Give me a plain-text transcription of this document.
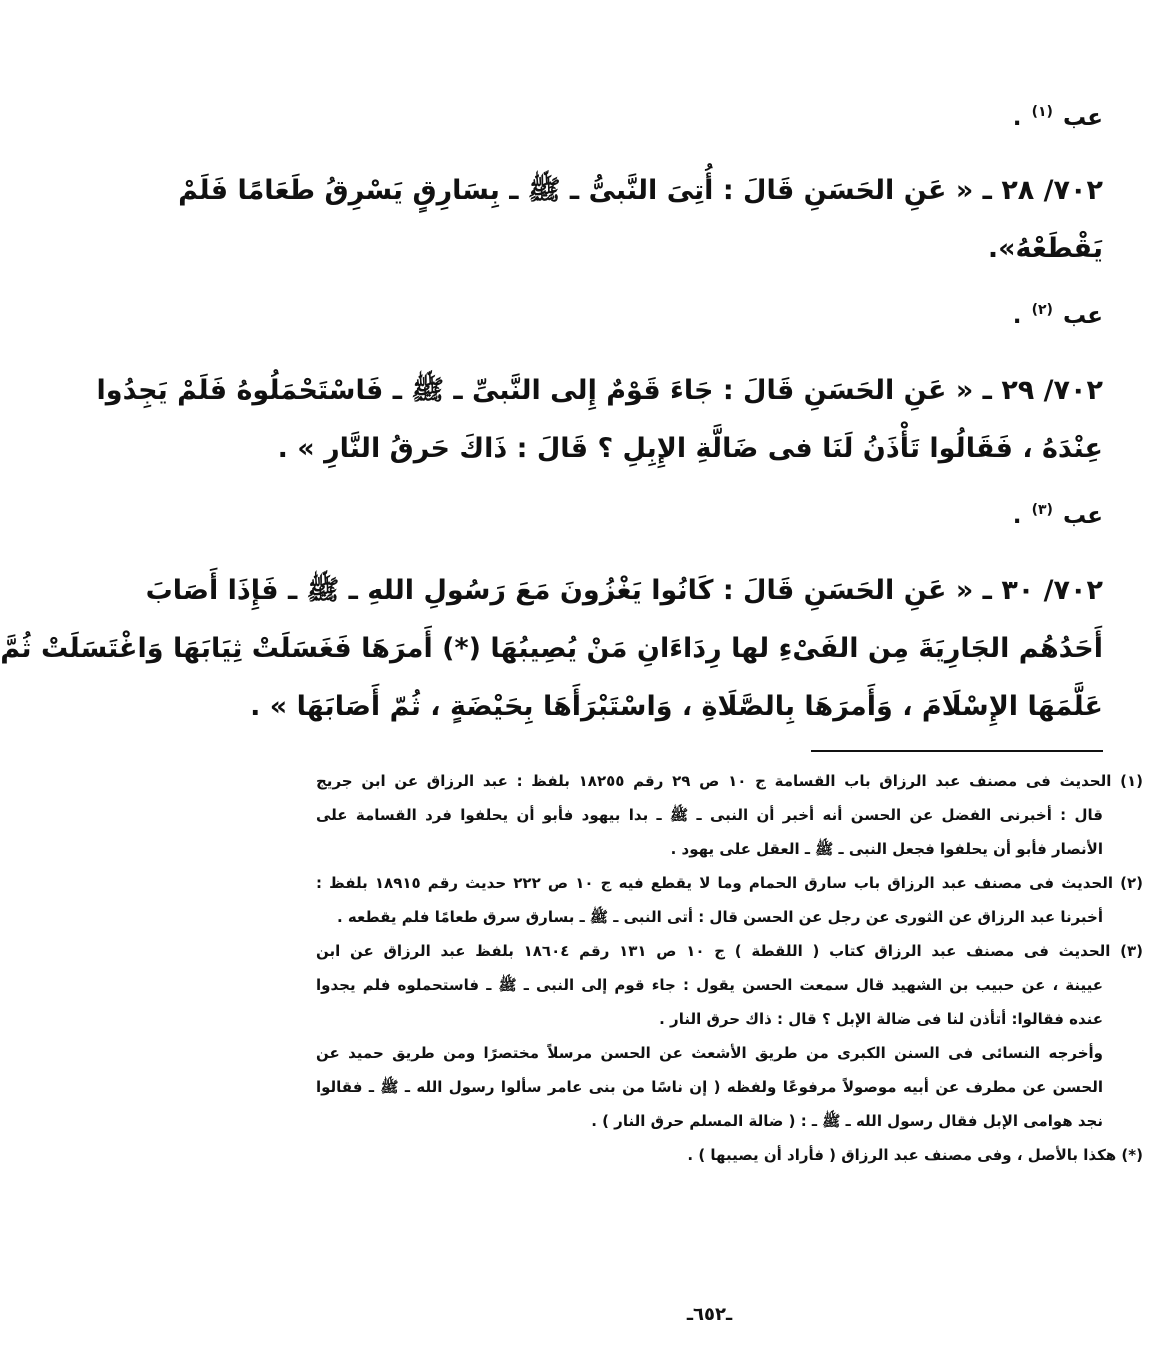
عب $^{(١)}$ .
٧٠٢/ ٢٨ ـ « عَنِ الحَسَنِ قَالَ : أُتِىَ النَّبىُّ ـ ﷺ ـ بِسَارِقٍ يَسْرِقُ طَعَامًا فَلَمْ
يَقْطَعْهُ».
عب $^{(٢)}$ .
٧٠٢/ ٢٩ ـ « عَنِ الحَسَنِ قَالَ : جَاءَ قَوْمٌ إِلى النَّبىِّ ـ ﷺ ـ فَاسْتَحْمَلُوهُ فَلَمْ يَجِدُوا
عِنْدَهُ ، فَقَالُوا تَأْذَنُ لَنَا فى ضَالَّةِ الإِبِلِ ؟ قَالَ : ذَاكَ حَرقُ النَّارِ » .
عب $^{(٣)}$ .
٧٠٢/ ٣٠ ـ « عَنِ الحَسَنِ قَالَ : كَانُوا يَغْزُونَ مَعَ رَسُولِ اللهِ ـ ﷺ ـ فَإِذَا أَصَابَ
أَحَدُهُم الجَارِيَةَ مِن الفَىْءِ لها رِدَاءَانِ مَنْ يُصِيبُهَا (*) أَمرَهَا فَغَسَلَتْ ثِيَابَهَا وَاغْتَسَلَتْ ثُمَّ
عَلَّمَهَا الإِسْلَامَ ، وَأَمرَهَا بِالصَّلَاةِ ، وَاسْتَبْرَأَهَا بِحَيْضَةٍ ، ثُمّ أَصَابَهَا » .
(١) الحديث فى مصنف عبد الرزاق باب القسامة ج ١٠ ص ٢٩ رقم ١٨٢٥٥ بلفظ : عبد الرزاق عن ابن جريج
قال : أخبرنى الفضل عن الحسن أنه أخبر أن النبى ـ ﷺ ـ بدا بيهود فأبو أن يحلفوا فرد القسامة على
الأنصار فأبو أن يحلفوا فجعل النبى ـ ﷺ ـ العقل على يهود .
(٢) الحديث فى مصنف عبد الرزاق باب سارق الحمام وما لا يقطع فيه ج ١٠ ص ٢٢٢ حديث رقم ١٨٩١٥ بلفظ :
أخبرنا عبد الرزاق عن الثورى عن رجل عن الحسن قال : أتى النبى ـ ﷺ ـ بسارق سرق طعامًا فلم يقطعه .
(٣) الحديث فى مصنف عبد الرزاق كتاب ( اللقطة ) ج ١٠ ص ١٣١ رقم ١٨٦٠٤ بلفظ عبد الرزاق عن ابن
عيينة ، عن حبيب بن الشهيد قال سمعت الحسن يقول : جاء قوم إلى النبى ـ ﷺ ـ فاستحملوه فلم يجدوا
عنده فقالوا: أتأذن لنا فى ضالة الإبل ؟ قال : ذاك حرق النار .
وأخرجه النسائى فى السنن الكبرى من طريق الأشعث عن الحسن مرسلاً مختصرًا ومن طريق حميد عن
الحسن عن مطرف عن أبيه موصولاً مرفوعًا ولفظه ( إن ناسًا من بنى عامر سألوا رسول الله ـ ﷺ ـ فقالوا
نجد هوامى الإبل فقال رسول الله ـ ﷺ ـ : ( ضالة المسلم حرق النار ) .
(*) هكذا بالأصل ، وفى مصنف عبد الرزاق ( فأراد أن يصيبها ) .
ـ٦٥٢ـ
